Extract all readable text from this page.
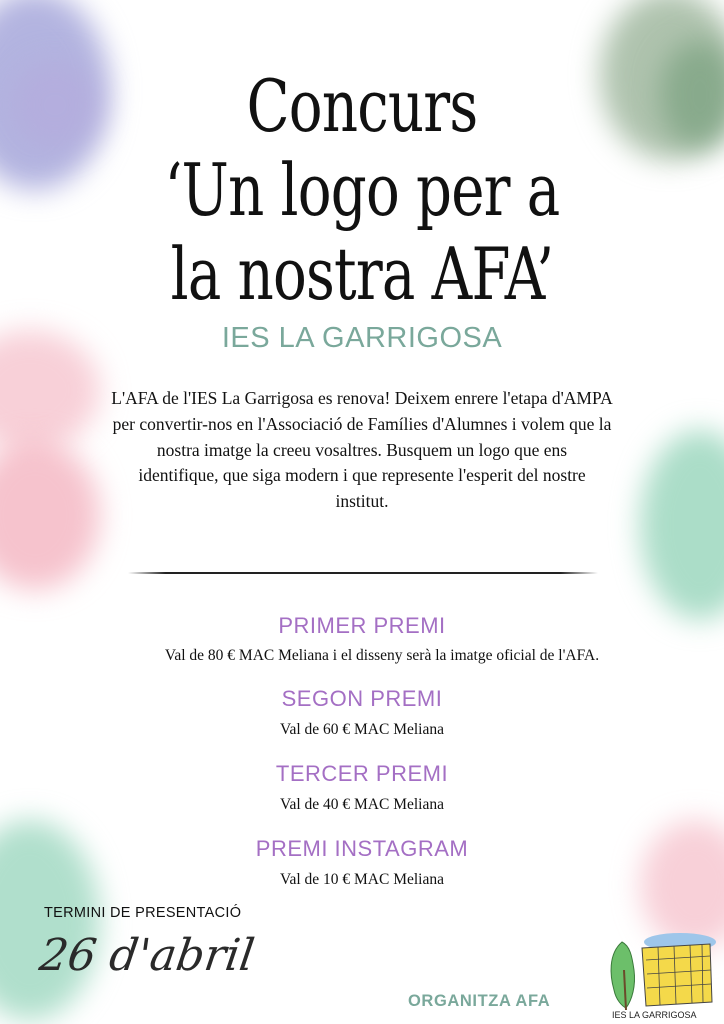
Concurs
‘Un logo per a
la nostra AFA’
IES LA GARRIGOSA
L'AFA de l'IES La Garrigosa es renova! Deixem enrere l'etapa d'AMPA
per convertir-nos en l'Associació de Famílies d'Alumnes i volem que la
nostra imatge la creeu vosaltres. Busquem un logo que ens
identifique, que siga modern i que represente l'esperit del nostre
institut.
PRIMER PREMI
Val de 80 € MAC Meliana i el disseny serà la imatge oficial de l'AFA.
SEGON PREMI
Val de 60 € MAC Meliana
TERCER PREMI
Val de 40 € MAC Meliana
PREMI INSTAGRAM
Val de 10 € MAC Meliana
TERMINI DE PRESENTACIÓ
26 d'abril
ORGANITZA AFA
IES LA GARRIGOSA
